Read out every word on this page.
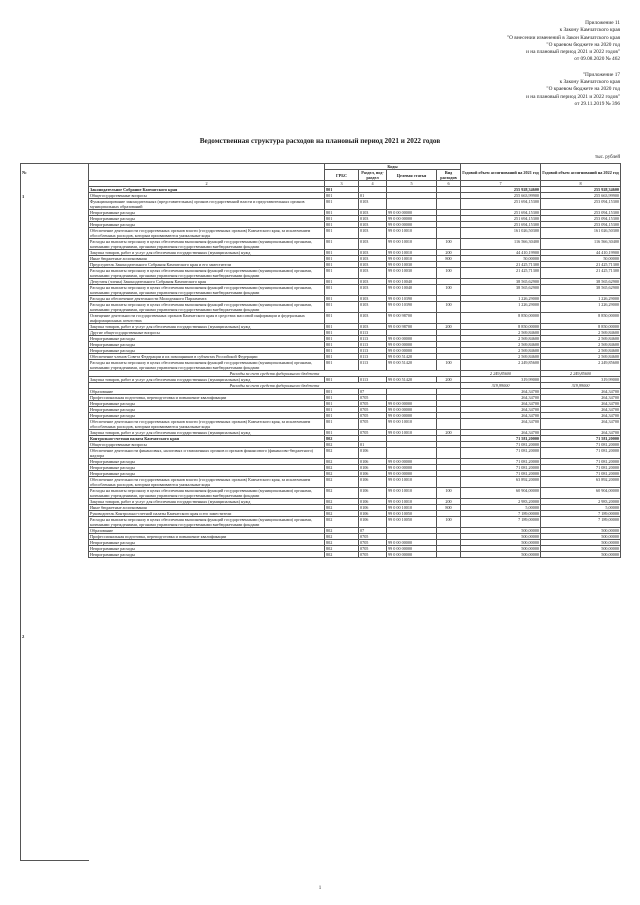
Приложение 11
к Закону Камчатского края
"О внесении изменений в Закон Камчатского края
"О краевом бюджете на 2020 год
и на плановый период 2021 и 2022 годов"
от 09.08.2020 № 462
"Приложение 17
к Закону Камчатского края
"О краевом бюджете на 2020 год
и на плановый период 2021 и 2022 годов"
от 29.11.2019 № 396
Ведомственная структура расходов на плановый период 2021 и 2022 годов
тыс. рублей
№
1
2
	Коды				Годовой объем ассигнований на 2021 год	Годовой объем ассигнований на 2022 год
	ГРБС	Раздел, под-раздел	Целевая статья	Вид расходов		
2	3	4	5	6	7	8
Законодательное Собрание Камчатского края	801				255 928,34600	255 928,34600
Общегосударственные вопросы	801	01			255 663,99900	255 663,99900
Функционирование законодательных (представительных) органов государственной власти и представительных органов муниципальных образований	801	0103			251 694,15300	253 094,15300
Непрограммные расходы	801	0103	99 0 00 00000		251 694,15300	253 094,15300
Непрограммные расходы	801	0103	99 0 00 00000		251 694,15300	253 094,15300
Непрограммные расходы	801	0103	99 0 00 00000		251 694,15300	253 094,15300
Обеспечение деятельности государственных органов власти (государственных органов) Камчатского края, за исключением обособленных расходов, которым присваиваются уникальные коды	801	0103	99 0 00 10010		161 026,50300	161 026,50300
Расходы на выплаты персоналу в целях обеспечения выполнения функций государственными (муниципальными) органами, казенными учреждениями, органами управления государственными внебюджетными фондами	801	0103	99 0 00 10010	100	116 566,30400	116 566,30400
Закупка товаров, работ и услуг для обеспечения государственных (муниципальных) нужд	801	0103	99 0 00 10010	200	44 410,19900	44 410,19900
Иные бюджетные ассигнования	801	0103	99 0 00 10010	800	50,00000	50,00000
Председатель Законодательного Собрания Камчатского края и его заместители	801	0103	99 0 00 10030		21 425,71300	21 425,71300
Расходы на выплаты персоналу в целях обеспечения выполнения функций государственными (муниципальными) органами, казенными учреждениями, органами управления государственными внебюджетными фондами	801	0103	99 0 00 10030	100	21 425,71300	21 425,71300
Депутаты (члены) Законодательного Собрания Камчатского края	801	0103	99 0 00 10040		38 565,62900	38 565,62900
Расходы на выплаты персоналу в целях обеспечения выполнения функций государственными (муниципальными) органами, казенными учреждениями, органами управления государственными внебюджетными фондами	801	0103	99 0 00 10040	100	38 565,62900	38 565,62900
Расходы на обеспечение деятельности Молодежного Парламента	801	0103	99 0 00 10390		1 226,29000	1 226,29000
Расходы на выплаты персоналу в целях обеспечения выполнения функций государственными (муниципальными) органами, казенными учреждениями, органами управления государственными внебюджетными фондами	801	0103	99 0 00 10390	100	1 226,29000	1 226,29000
Освещение деятельности государственных органов Камчатского края в средствах массовой информации и федеральных информационных агентствах	801	0103	99 0 00 98700		8 850,00000	8 850,00000
Закупка товаров, работ и услуг для обеспечения государственных (муниципальных) нужд	801	0103	99 0 00 98700	200	8 850,00000	8 850,00000
Другие общегосударственные вопросы	801	0113			2 569,84600	2 569,84600
Непрограммные расходы	801	0113	99 0 00 00000		2 569,84600	2 569,84600
Непрограммные расходы	801	0113	99 0 00 00000		2 569,84600	2 569,84600
Непрограммные расходы	801	0113	99 0 00 00000		2 569,84600	2 569,84600
Обеспечение членов Совета Федерации и их помощников в субъектах Российской Федерации	801	0113	99 0 00 51420		2 569,84600	2 569,84600
Расходы на выплаты персоналу в целях обеспечения выполнения функций государственными (муниципальными) органами, казенными учреждениями, органами управления государственными внебюджетными фондами	801	0113	99 0 00 51420	100	2 249,85600	2 249,85600
Расходы за счет средств федерального бюджета					2 249,85600	2 249,85600
Закупка товаров, работ и услуг для обеспечения государственных (муниципальных) нужд	801	0113	99 0 00 51420	200	319,99000	319,99000
Расходы за счет средств федерального бюджета					319,99000	319,99000
Образование	801	07			264,34700	264,34700
Профессиональная подготовка, переподготовка и повышение квалификации	801	0705			264,34700	264,34700
Непрограммные расходы	801	0705	99 0 00 00000		264,34700	264,34700
Непрограммные расходы	801	0705	99 0 00 00000		264,34700	264,34700
Непрограммные расходы	801	0705	99 0 00 00000		264,34700	264,34700
Обеспечение деятельности государственных органов власти (государственных органов) Камчатского края, за исключением обособленных расходов, которым присваиваются уникальные коды	801	0705	99 0 00 10010		264,34700	264,34700
Закупка товаров, работ и услуг для обеспечения государственных (муниципальных) нужд	801	0705	99 0 00 10010	200	264,34700	264,34700
Контрольно-счетная палата Камчатского края	802				71 581,20000	71 581,20000
Общегосударственные вопросы	802	01			71 081,20000	71 081,20000
Обеспечение деятельности финансовых, налоговых и таможенных органов и органов финансового (финансово-бюджетного) надзора	802	0106			71 081,20000	71 081,20000
Непрограммные расходы	802	0106	99 0 00 00000		71 081,20000	71 081,20000
Непрограммные расходы	802	0106	99 0 00 00000		71 081,20000	71 081,20000
Непрограммные расходы	802	0106	99 0 00 00000		71 081,20000	71 081,20000
Обеспечение деятельности государственных органов власти (государственных органов) Камчатского края, за исключением обособленных расходов, которым присваиваются уникальные коды	802	0106	99 0 00 10010		63 892,20000	63 892,20000
Расходы на выплаты персоналу в целях обеспечения выполнения функций государственными (муниципальными) органами, казенными учреждениями, органами управления государственными внебюджетными фондами	802	0106	99 0 00 10010	100	60 904,00000	60 904,00000
Закупка товаров, работ и услуг для обеспечения государственных (муниципальных) нужд	802	0106	99 0 00 10010	200	2 983,20000	2 983,20000
Иные бюджетные ассигнования	802	0106	99 0 00 10010	800	5,00000	5,00000
Руководитель Контрольно-счетной палаты Камчатского края и его заместители	802	0106	99 0 00 10050		7 189,00000	7 189,00000
Расходы на выплаты персоналу в целях обеспечения выполнения функций государственными (муниципальными) органами, казенными учреждениями, органами управления государственными внебюджетными фондами	802	0106	99 0 00 10050	100	7 189,00000	7 189,00000
Образование	802	07			500,00000	500,00000
Профессиональная подготовка, переподготовка и повышение квалификации	802	0705			500,00000	500,00000
Непрограммные расходы	802	0705	99 0 00 00000		500,00000	500,00000
Непрограммные расходы	802	0705	99 0 00 00000		500,00000	500,00000
Непрограммные расходы	802	0705	99 0 00 00000		500,00000	500,00000
1
